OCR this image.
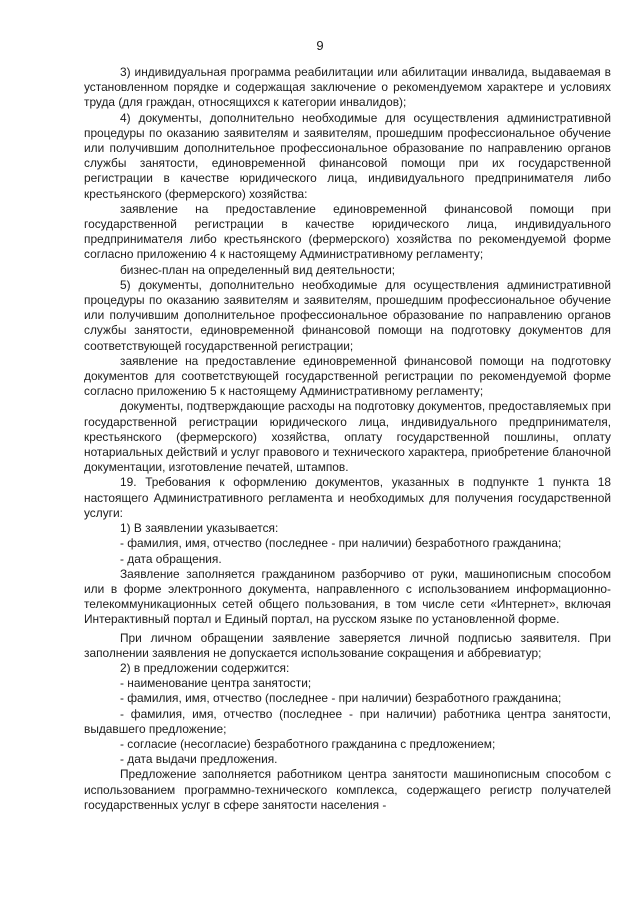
9

3) индивидуальная программа реабилитации или абилитации инвалида, выдаваемая в установленном порядке и содержащая заключение о рекомендуемом характере и условиях труда (для граждан, относящихся к категории инвалидов);

4) документы, дополнительно необходимые для осуществления административной процедуры по оказанию заявителям и заявителям, прошедшим профессиональное обучение или получившим дополнительное профессиональное образование по направлению органов службы занятости, единовременной финансовой помощи при их государственной регистрации в качестве юридического лица, индивидуального предпринимателя либо крестьянского (фермерского) хозяйства:

заявление на предоставление единовременной финансовой помощи при государственной регистрации в качестве юридического лица, индивидуального предпринимателя либо крестьянского (фермерского) хозяйства по рекомендуемой форме согласно приложению 4 к настоящему Административному регламенту;

бизнес-план на определенный вид деятельности;

5) документы, дополнительно необходимые для осуществления административной процедуры по оказанию заявителям и заявителям, прошедшим профессиональное обучение или получившим дополнительное профессиональное образование по направлению органов службы занятости, единовременной финансовой помощи на подготовку документов для соответствующей государственной регистрации;

заявление на предоставление единовременной финансовой помощи на подготовку документов для соответствующей государственной регистрации по рекомендуемой форме согласно приложению 5 к настоящему Административному регламенту;

документы, подтверждающие расходы на подготовку документов, предоставляемых при государственной регистрации юридического лица, индивидуального предпринимателя, крестьянского (фермерского) хозяйства, оплату государственной пошлины, оплату нотариальных действий и услуг правового и технического характера, приобретение бланочной документации, изготовление печатей, штампов.

19. Требования к оформлению документов, указанных в подпункте 1 пункта 18 настоящего Административного регламента и необходимых для получения государственной услуги:

1) В заявлении указывается:

- фамилия, имя, отчество (последнее - при наличии) безработного гражданина;

- дата обращения.

Заявление заполняется гражданином разборчиво от руки, машинописным способом или в форме электронного документа, направленного с использованием информационно-телекоммуникационных сетей общего пользования, в том числе сети «Интернет», включая Интерактивный портал и Единый портал, на русском языке по установленной форме.

При личном обращении заявление заверяется личной подписью заявителя. При заполнении заявления не допускается использование сокращения и аббревиатур;

2) в предложении содержится:

- наименование центра занятости;

- фамилия, имя, отчество (последнее - при наличии) безработного гражданина;

- фамилия, имя, отчество (последнее - при наличии) работника центра занятости, выдавшего предложение;

- согласие (несогласие) безработного гражданина с предложением;

- дата выдачи предложения.

Предложение заполняется работником центра занятости машинописным способом с использованием программно-технического комплекса, содержащего регистр получателей государственных услуг в сфере занятости населения -
